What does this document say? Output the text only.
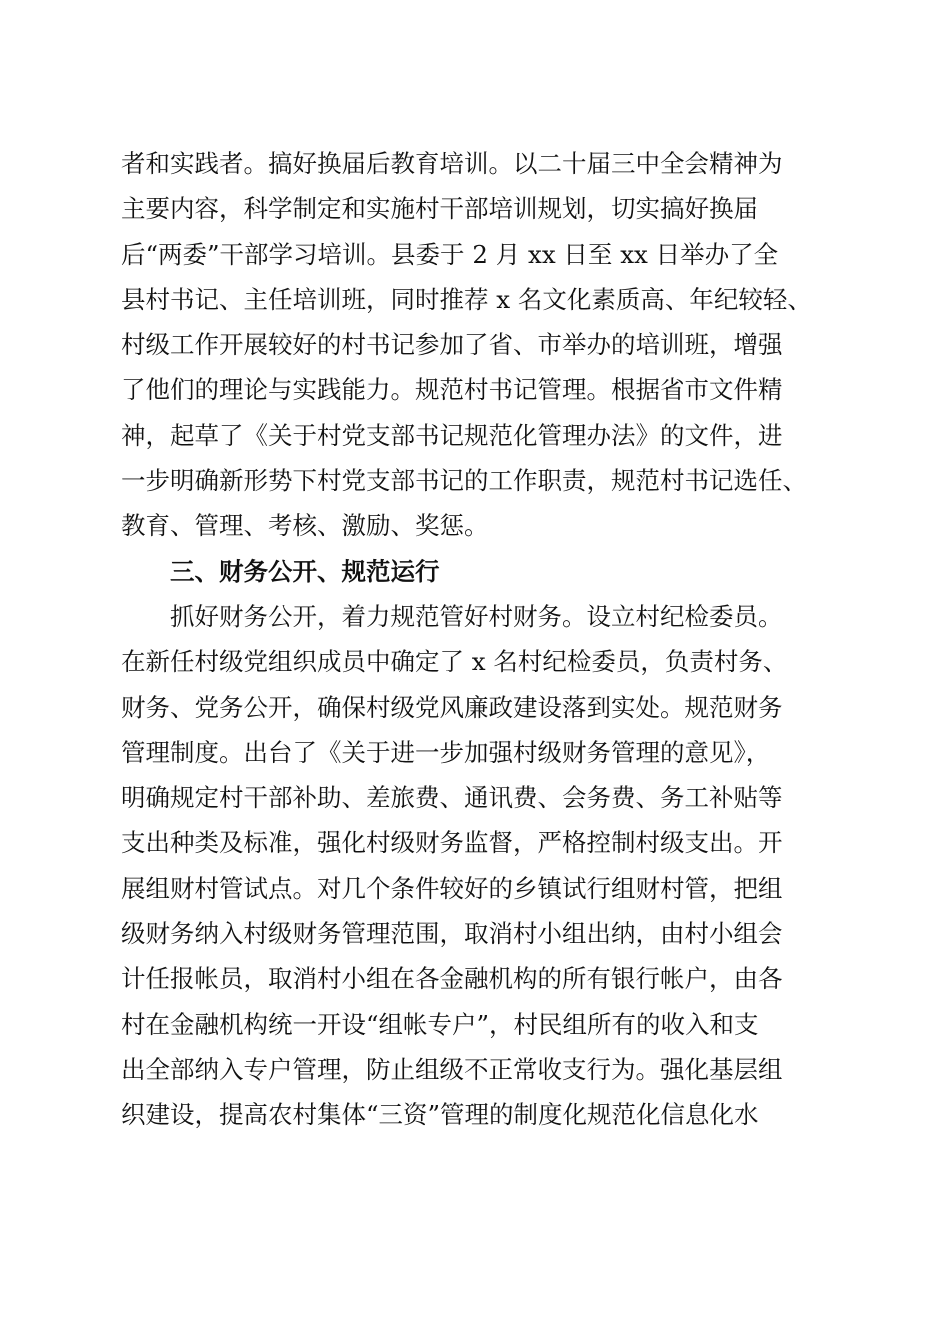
者和实践者。搞好换届后教育培训。以二十届三中全会精神为
主要内容，科学制定和实施村干部培训规划，切实搞好换届
后“两委”干部学习培训。县委于 2 月 xx 日至 xx 日举办了全
县村书记、主任培训班，同时推荐 x 名文化素质高、年纪较轻、
村级工作开展较好的村书记参加了省、市举办的培训班，增强
了他们的理论与实践能力。规范村书记管理。根据省市文件精
神，起草了《关于村党支部书记规范化管理办法》的文件，进
一步明确新形势下村党支部书记的工作职责，规范村书记选任、
教育、管理、考核、激励、奖惩。
三、财务公开、规范运行
抓好财务公开，着力规范管好村财务。设立村纪检委员。
在新任村级党组织成员中确定了 x 名村纪检委员，负责村务、
财务、党务公开，确保村级党风廉政建设落到实处。规范财务
管理制度。出台了《关于进一步加强村级财务管理的意见》，
明确规定村干部补助、差旅费、通讯费、会务费、务工补贴等
支出种类及标准，强化村级财务监督，严格控制村级支出。开
展组财村管试点。对几个条件较好的乡镇试行组财村管，把组
级财务纳入村级财务管理范围，取消村小组出纳，由村小组会
计任报帐员，取消村小组在各金融机构的所有银行帐户，由各
村在金融机构统一开设“组帐专户”，村民组所有的收入和支
出全部纳入专户管理，防止组级不正常收支行为。强化基层组
织建设，提高农村集体“三资”管理的制度化规范化信息化水
